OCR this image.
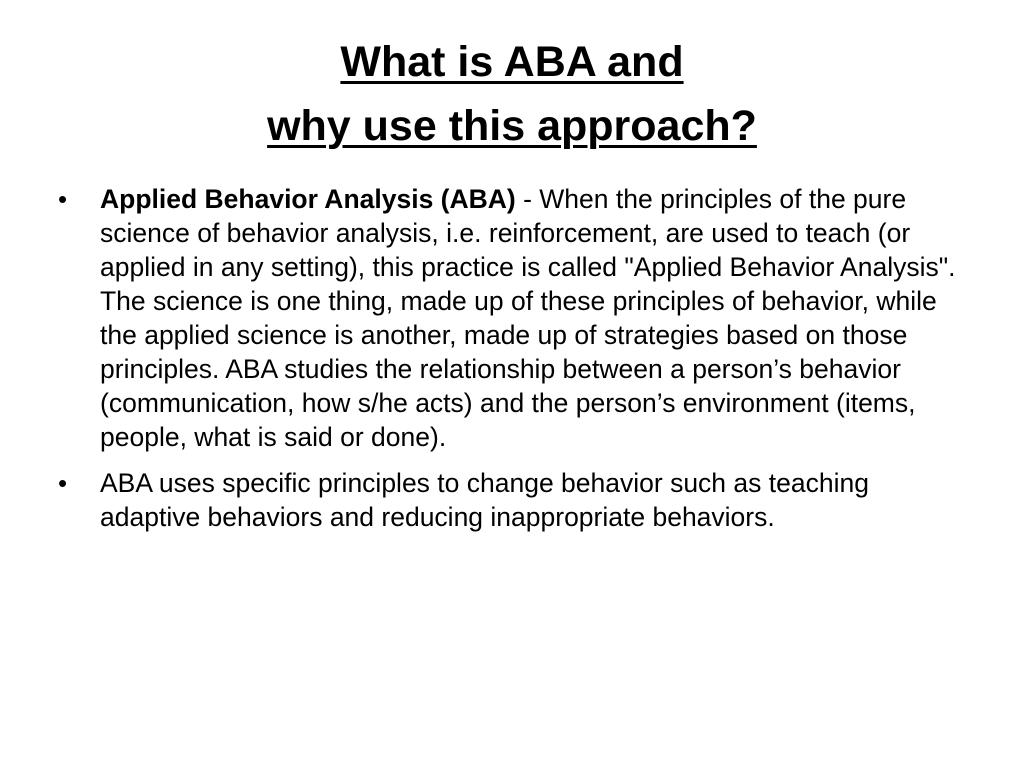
What is ABA and
why use this approach?
•	Applied Behavior Analysis (ABA) - When the principles of the pure science of behavior analysis, i.e. reinforcement, are used to teach (or applied in any setting), this practice is called "Applied Behavior Analysis". The science is one thing, made up of these principles of behavior, while the applied science is another, made up of strategies based on those principles. ABA studies the relationship between a person’s behavior (communication, how s/he acts) and the person’s environment (items, people, what is said or done).
•	ABA uses specific principles to change behavior such as teaching adaptive behaviors and reducing inappropriate behaviors.
